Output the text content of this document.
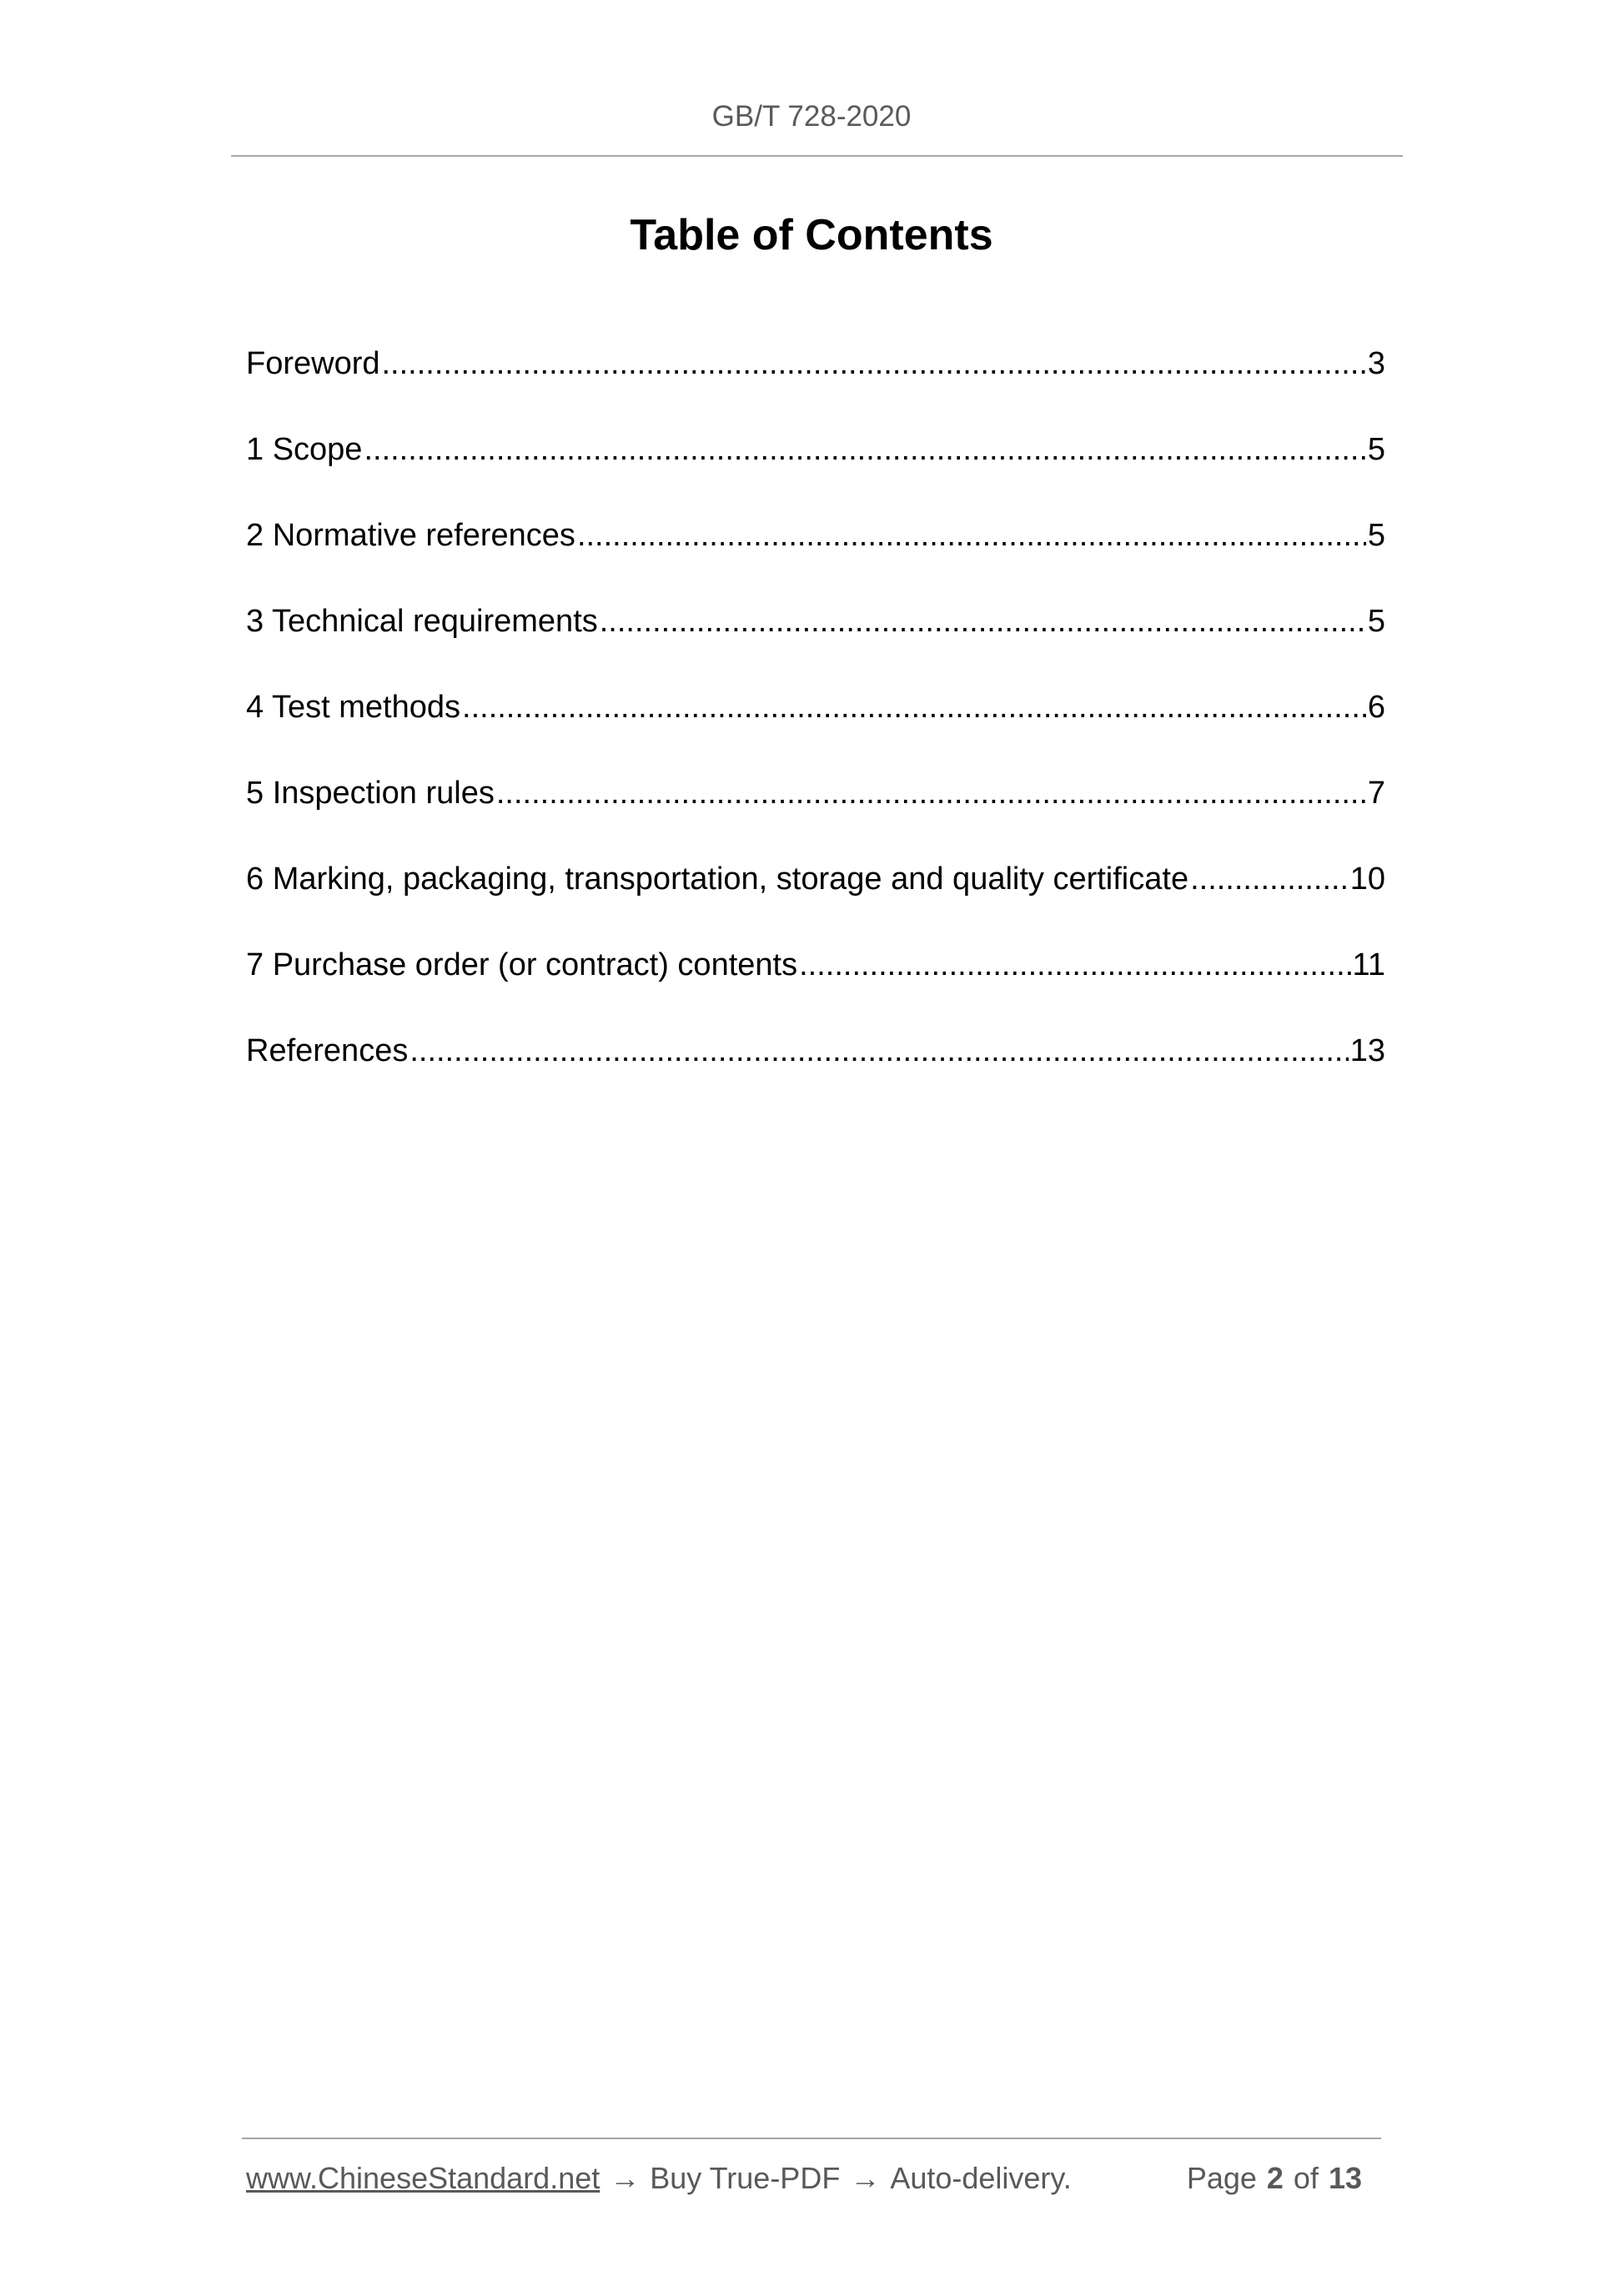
GB/T 728-2020
Table of Contents
Foreword .....	3
1 Scope .....	5
2 Normative references .....	5
3 Technical requirements .....	5
4 Test methods .....	6
5 Inspection rules .....	7
6 Marking, packaging, transportation, storage and quality certificate .....	10
7 Purchase order (or contract) contents .....	11
References .....	13
www.ChineseStandard.net → Buy True-PDF → Auto-delivery.	Page 2 of 13
